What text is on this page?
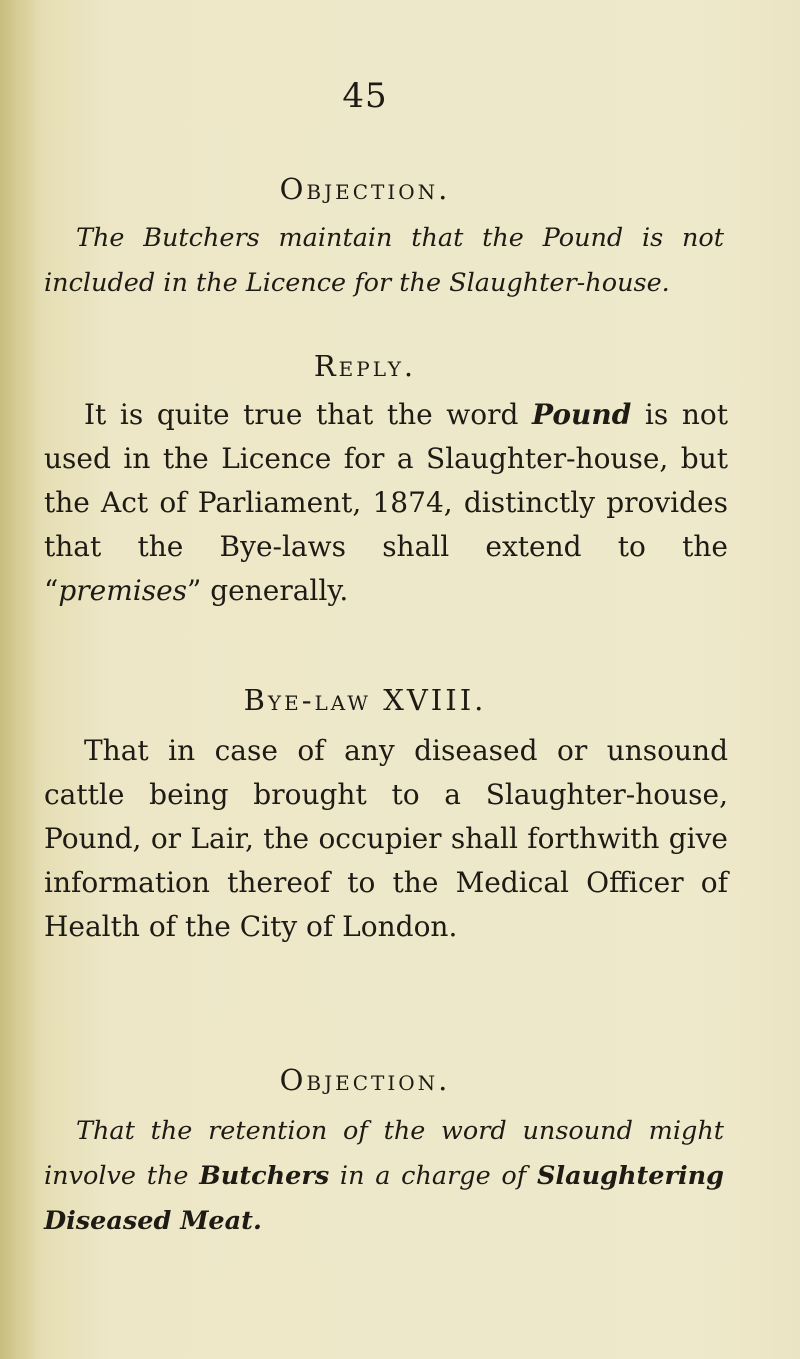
45
Objection.

The Butchers maintain that the Pound is not included in the Licence for the Slaughter-house.

Reply.

It is quite true that the word Pound is not used in the Licence for a Slaughter-house, but the Act of Parliament, 1874, distinctly provides that the Bye-laws shall extend to the “premises” generally.

Bye-law XVIII.

That in case of any diseased or unsound cattle being brought to a Slaughter-house, Pound, or Lair, the occupier shall forthwith give information thereof to the Medical Officer of Health of the City of London.

Objection.

That the retention of the word unsound might involve the Butchers in a charge of Slaughtering Diseased Meat.
